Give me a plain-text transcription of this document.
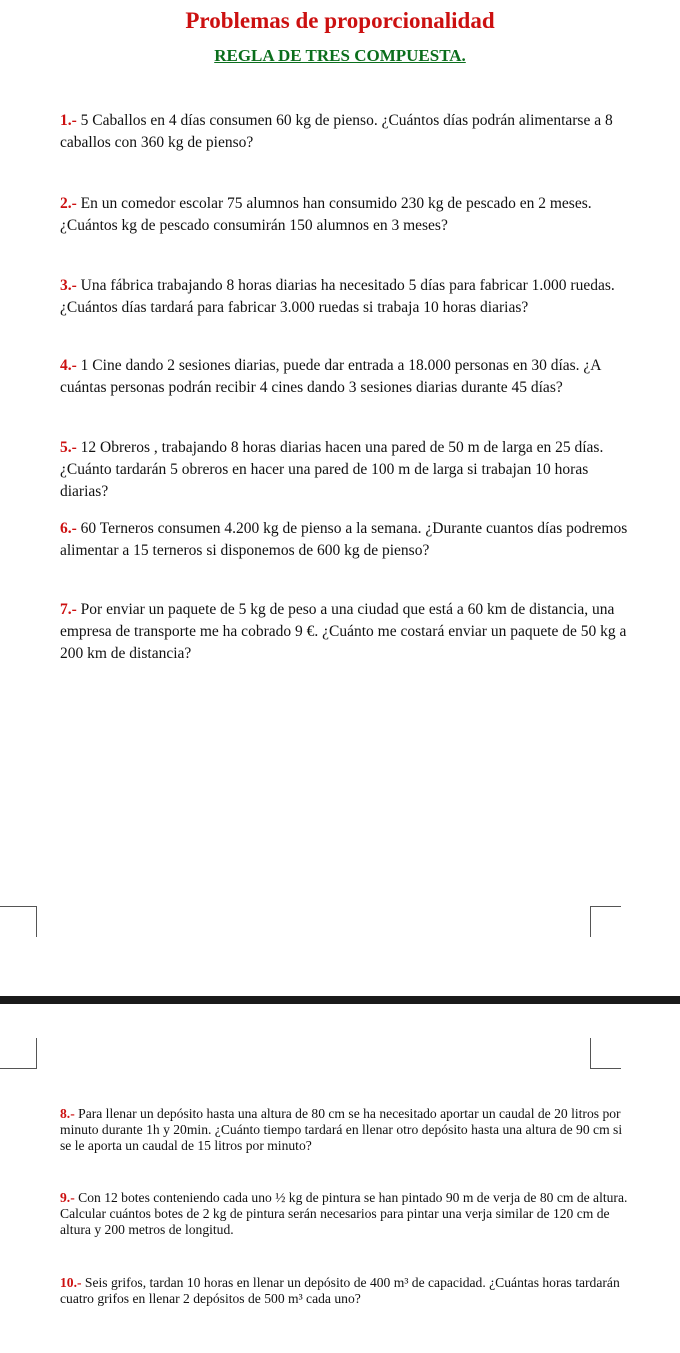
Problemas de proporcionalidad
REGLA DE TRES COMPUESTA.
1.- 5 Caballos en 4 días consumen 60 kg de pienso. ¿Cuántos días podrán alimentarse a 8 caballos con 360 kg de pienso?
2.- En un comedor escolar 75 alumnos han consumido 230 kg de pescado en 2 meses. ¿Cuántos kg de pescado consumirán 150 alumnos en 3 meses?
3.- Una fábrica trabajando 8 horas diarias ha necesitado 5 días para fabricar 1.000 ruedas. ¿Cuántos días tardará para fabricar 3.000 ruedas si trabaja 10 horas diarias?
4.- 1 Cine dando 2 sesiones diarias, puede dar entrada a 18.000 personas en 30 días. ¿A cuántas personas podrán recibir 4 cines dando 3 sesiones diarias durante 45 días?
5.- 12 Obreros , trabajando 8 horas diarias hacen una pared de 50 m de larga en 25 días. ¿Cuánto tardarán 5 obreros en hacer una pared de 100 m de larga si trabajan 10 horas diarias?
6.- 60 Terneros consumen 4.200 kg de pienso a la semana. ¿Durante cuantos días podremos alimentar a 15 terneros si disponemos de 600 kg de pienso?
7.- Por enviar un paquete de 5 kg de peso a una ciudad que está a 60 km de distancia, una empresa de transporte me ha cobrado 9 €. ¿Cuánto me costará enviar un paquete de 50 kg a 200 km de distancia?
8.- Para llenar un depósito hasta una altura de 80 cm se ha necesitado aportar un caudal de 20 litros por minuto durante 1h y 20min. ¿Cuánto tiempo tardará en llenar otro depósito hasta una altura de 90 cm si se le aporta un caudal de 15 litros por minuto?
9.- Con 12 botes conteniendo cada uno ½ kg de pintura se han pintado 90 m de verja de 80 cm de altura. Calcular cuántos botes de 2 kg de pintura serán necesarios para pintar una verja similar de 120 cm de altura y 200 metros de longitud.
10.- Seis grifos, tardan 10 horas en llenar un depósito de 400 m³ de capacidad. ¿Cuántas horas tardarán cuatro grifos en llenar 2 depósitos de 500 m³ cada uno?
